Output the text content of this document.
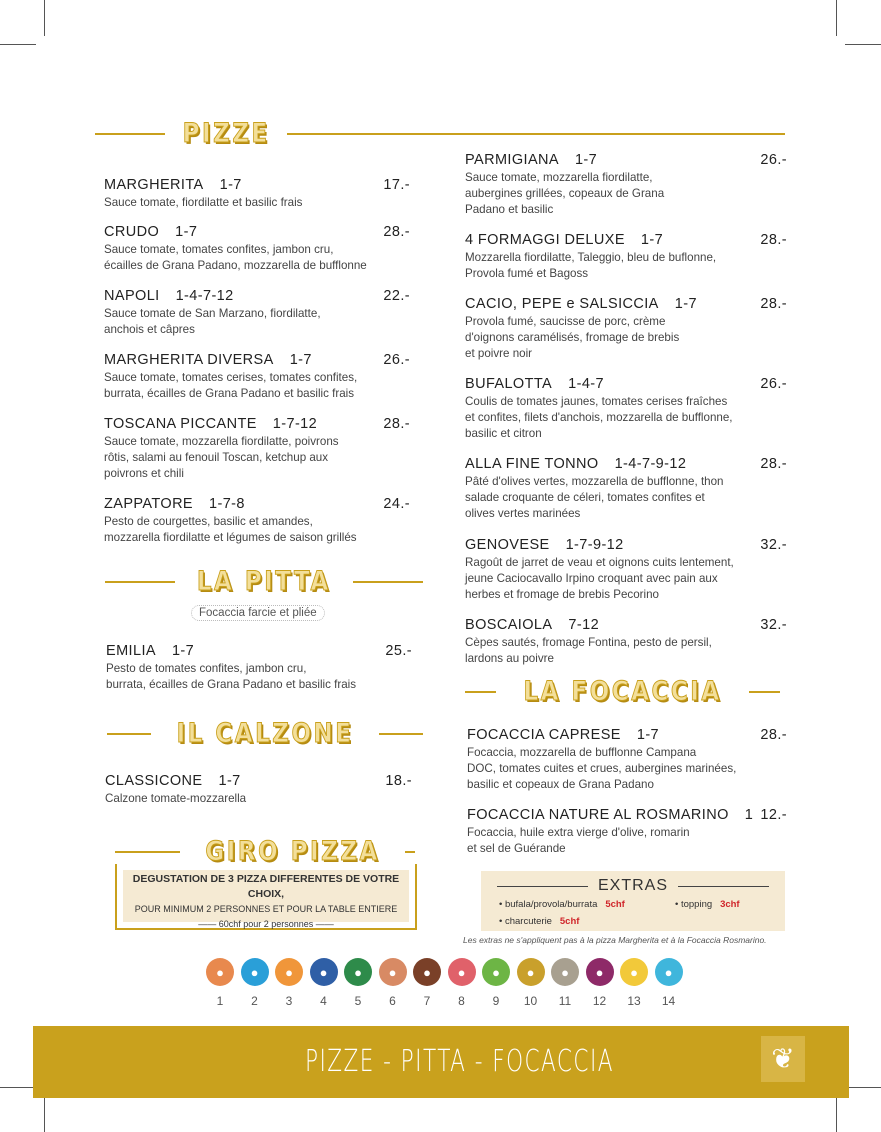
PIZZE
LA PITTA
Focaccia farcie et pliée
IL CALZONE
LA FOCACCIA
GIRO PIZZA
DEGUSTATION DE 3 PIZZA DIFFERENTES DE VOTRE CHOIX,
POUR MINIMUM 2 PERSONNES ET POUR LA TABLE ENTIERE
—— 60chf pour 2 personnes ——
EXTRAS
• bufala/provola/burrata 5chf	• topping 3chf
• charcuterie 5chf
Les extras ne s'appliquent pas à la pizza Margherita et à la Focaccia Rosmarino.
●
1
●
2
●
3
●
4
●
5
●
6
●
7
●
8
●
9
●
10
●
11
●
12
●
13
●
14
PIZZE - PITTA - FOCACCIA	❦
MARGHERITA 1-7	17.-
Sauce tomate, fiordilatte et basilic frais
CRUDO 1-7	28.-
Sauce tomate, tomates confites, jambon cru,
écailles de Grana Padano, mozzarella de bufflonne
NAPOLI 1-4-7-12	22.-
Sauce tomate de San Marzano, fiordilatte,
anchois et câpres
MARGHERITA DIVERSA 1-7	26.-
Sauce tomate, tomates cerises, tomates confites,
burrata, écailles de Grana Padano et basilic frais
TOSCANA PICCANTE 1-7-12	28.-
Sauce tomate, mozzarella fiordilatte, poivrons
rôtis, salami au fenouil Toscan, ketchup aux
poivrons et chili
ZAPPATORE 1-7-8	24.-
Pesto de courgettes, basilic et amandes,
mozzarella fiordilatte et légumes de saison grillés
PARMIGIANA 1-7	26.-
Sauce tomate, mozzarella fiordilatte,
aubergines grillées, copeaux de Grana
Padano et basilic
4 FORMAGGI DELUXE 1-7	28.-
Mozzarella fiordilatte, Taleggio, bleu de buflonne,
Provola fumé et Bagoss
CACIO, PEPE e SALSICCIA 1-7	28.-
Provola fumé, saucisse de porc, crème
d'oignons caramélisés, fromage de brebis
et poivre noir
BUFALOTTA 1-4-7	26.-
Coulis de tomates jaunes, tomates cerises fraîches
et confites, filets d'anchois, mozzarella de bufflonne,
basilic et citron
ALLA FINE TONNO 1-4-7-9-12	28.-
Pâté d'olives vertes, mozzarella de bufflonne, thon
salade croquante de céleri, tomates confites et
olives vertes marinées
GENOVESE 1-7-9-12	32.-
Ragoût de jarret de veau et oignons cuits lentement,
jeune Caciocavallo Irpino croquant avec pain aux
herbes et fromage de brebis Pecorino
BOSCAIOLA 7-12	32.-
Cèpes sautés, fromage Fontina, pesto de persil,
lardons au poivre
EMILIA 1-7	25.-
Pesto de tomates confites, jambon cru,
burrata, écailles de Grana Padano et basilic frais
CLASSICONE 1-7	18.-
Calzone tomate-mozzarella
FOCACCIA CAPRESE 1-7	28.-
Focaccia, mozzarella de bufflonne Campana
DOC, tomates cuites et crues, aubergines marinées,
basilic et copeaux de Grana Padano
FOCACCIA NATURE AL ROSMARINO 1 12.-
Focaccia, huile extra vierge d'olive, romarin
et sel de Guérande
